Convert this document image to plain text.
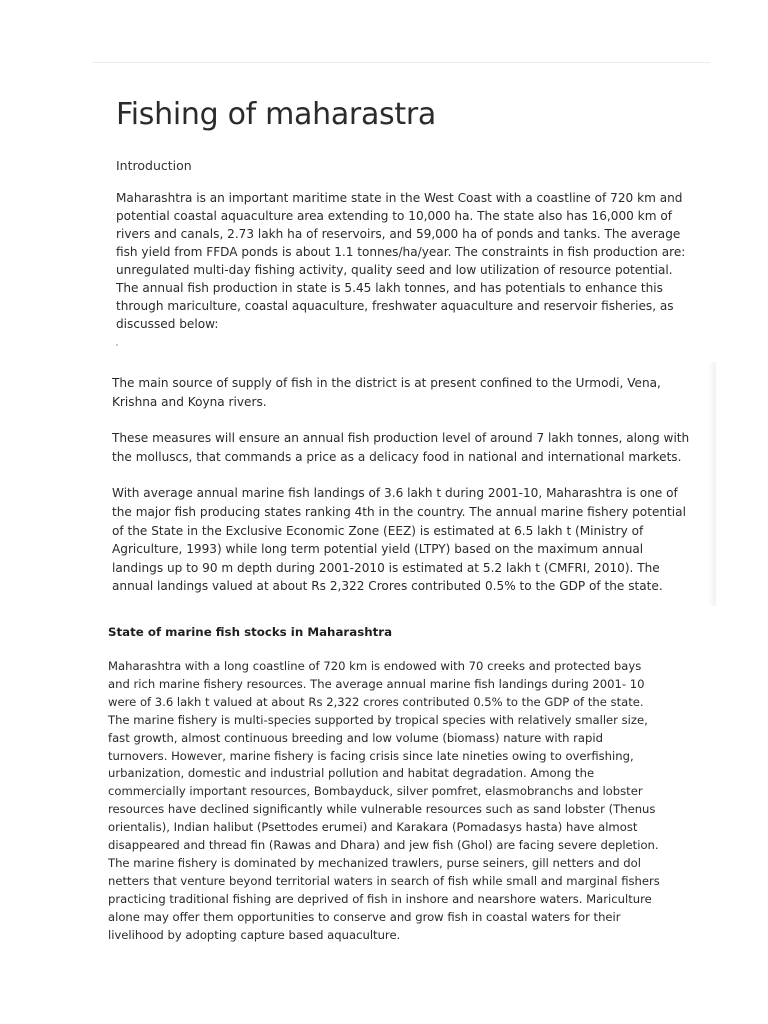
Fishing of maharastra
Introduction

Maharashtra is an important maritime state in the West Coast with a coastline of 720 km and potential coastal aquaculture area extending to 10,000 ha. The state also has 16,000 km of rivers and canals, 2.73 lakh ha of reservoirs, and 59,000 ha of ponds and tanks. The average fish yield from FFDA ponds is about 1.1 tonnes/ha/year. The constraints in fish production are: unregulated multi-day fishing activity, quality seed and low utilization of resource potential. The annual fish production in state is 5.45 lakh tonnes, and has potentials to enhance this through mariculture, coastal aquaculture, freshwater aquaculture and reservoir fisheries, as discussed below:

The main source of supply of fish in the district is at present confined to the Urmodi, Vena, Krishna and Koyna rivers.

These measures will ensure an annual fish production level of around 7 lakh tonnes, along with the molluscs, that commands a price as a delicacy food in national and international markets.

With average annual marine fish landings of 3.6 lakh t during 2001-10, Maharashtra is one of the major fish producing states ranking 4th in the country. The annual marine fishery potential of the State in the Exclusive Economic Zone (EEZ) is estimated at 6.5 lakh t (Ministry of Agriculture, 1993) while long term potential yield (LTPY) based on the maximum annual landings up to 90 m depth during 2001-2010 is estimated at 5.2 lakh t (CMFRI, 2010). The annual landings valued at about Rs 2,322 Crores contributed 0.5% to the GDP of the state.

State of marine fish stocks in Maharashtra

Maharashtra with a long coastline of 720 km is endowed with 70 creeks and protected bays and rich marine fishery resources. The average annual marine fish landings during 2001- 10 were of 3.6 lakh t valued at about Rs 2,322 crores contributed 0.5% to the GDP of the state. The marine fishery is multi-species supported by tropical species with relatively smaller size, fast growth, almost continuous breeding and low volume (biomass) nature with rapid turnovers. However, marine fishery is facing crisis since late nineties owing to overfishing, urbanization, domestic and industrial pollution and habitat degradation. Among the commercially important resources, Bombayduck, silver pomfret, elasmobranchs and lobster resources have declined significantly while vulnerable resources such as sand lobster (Thenus orientalis), Indian halibut (Psettodes erumei) and Karakara (Pomadasys hasta) have almost disappeared and thread fin (Rawas and Dhara) and jew fish (Ghol) are facing severe depletion. The marine fishery is dominated by mechanized trawlers, purse seiners, gill netters and dol netters that venture beyond territorial waters in search of fish while small and marginal fishers practicing traditional fishing are deprived of fish in inshore and nearshore waters. Mariculture alone may offer them opportunities to conserve and grow fish in coastal waters for their livelihood by adopting capture based aquaculture.
